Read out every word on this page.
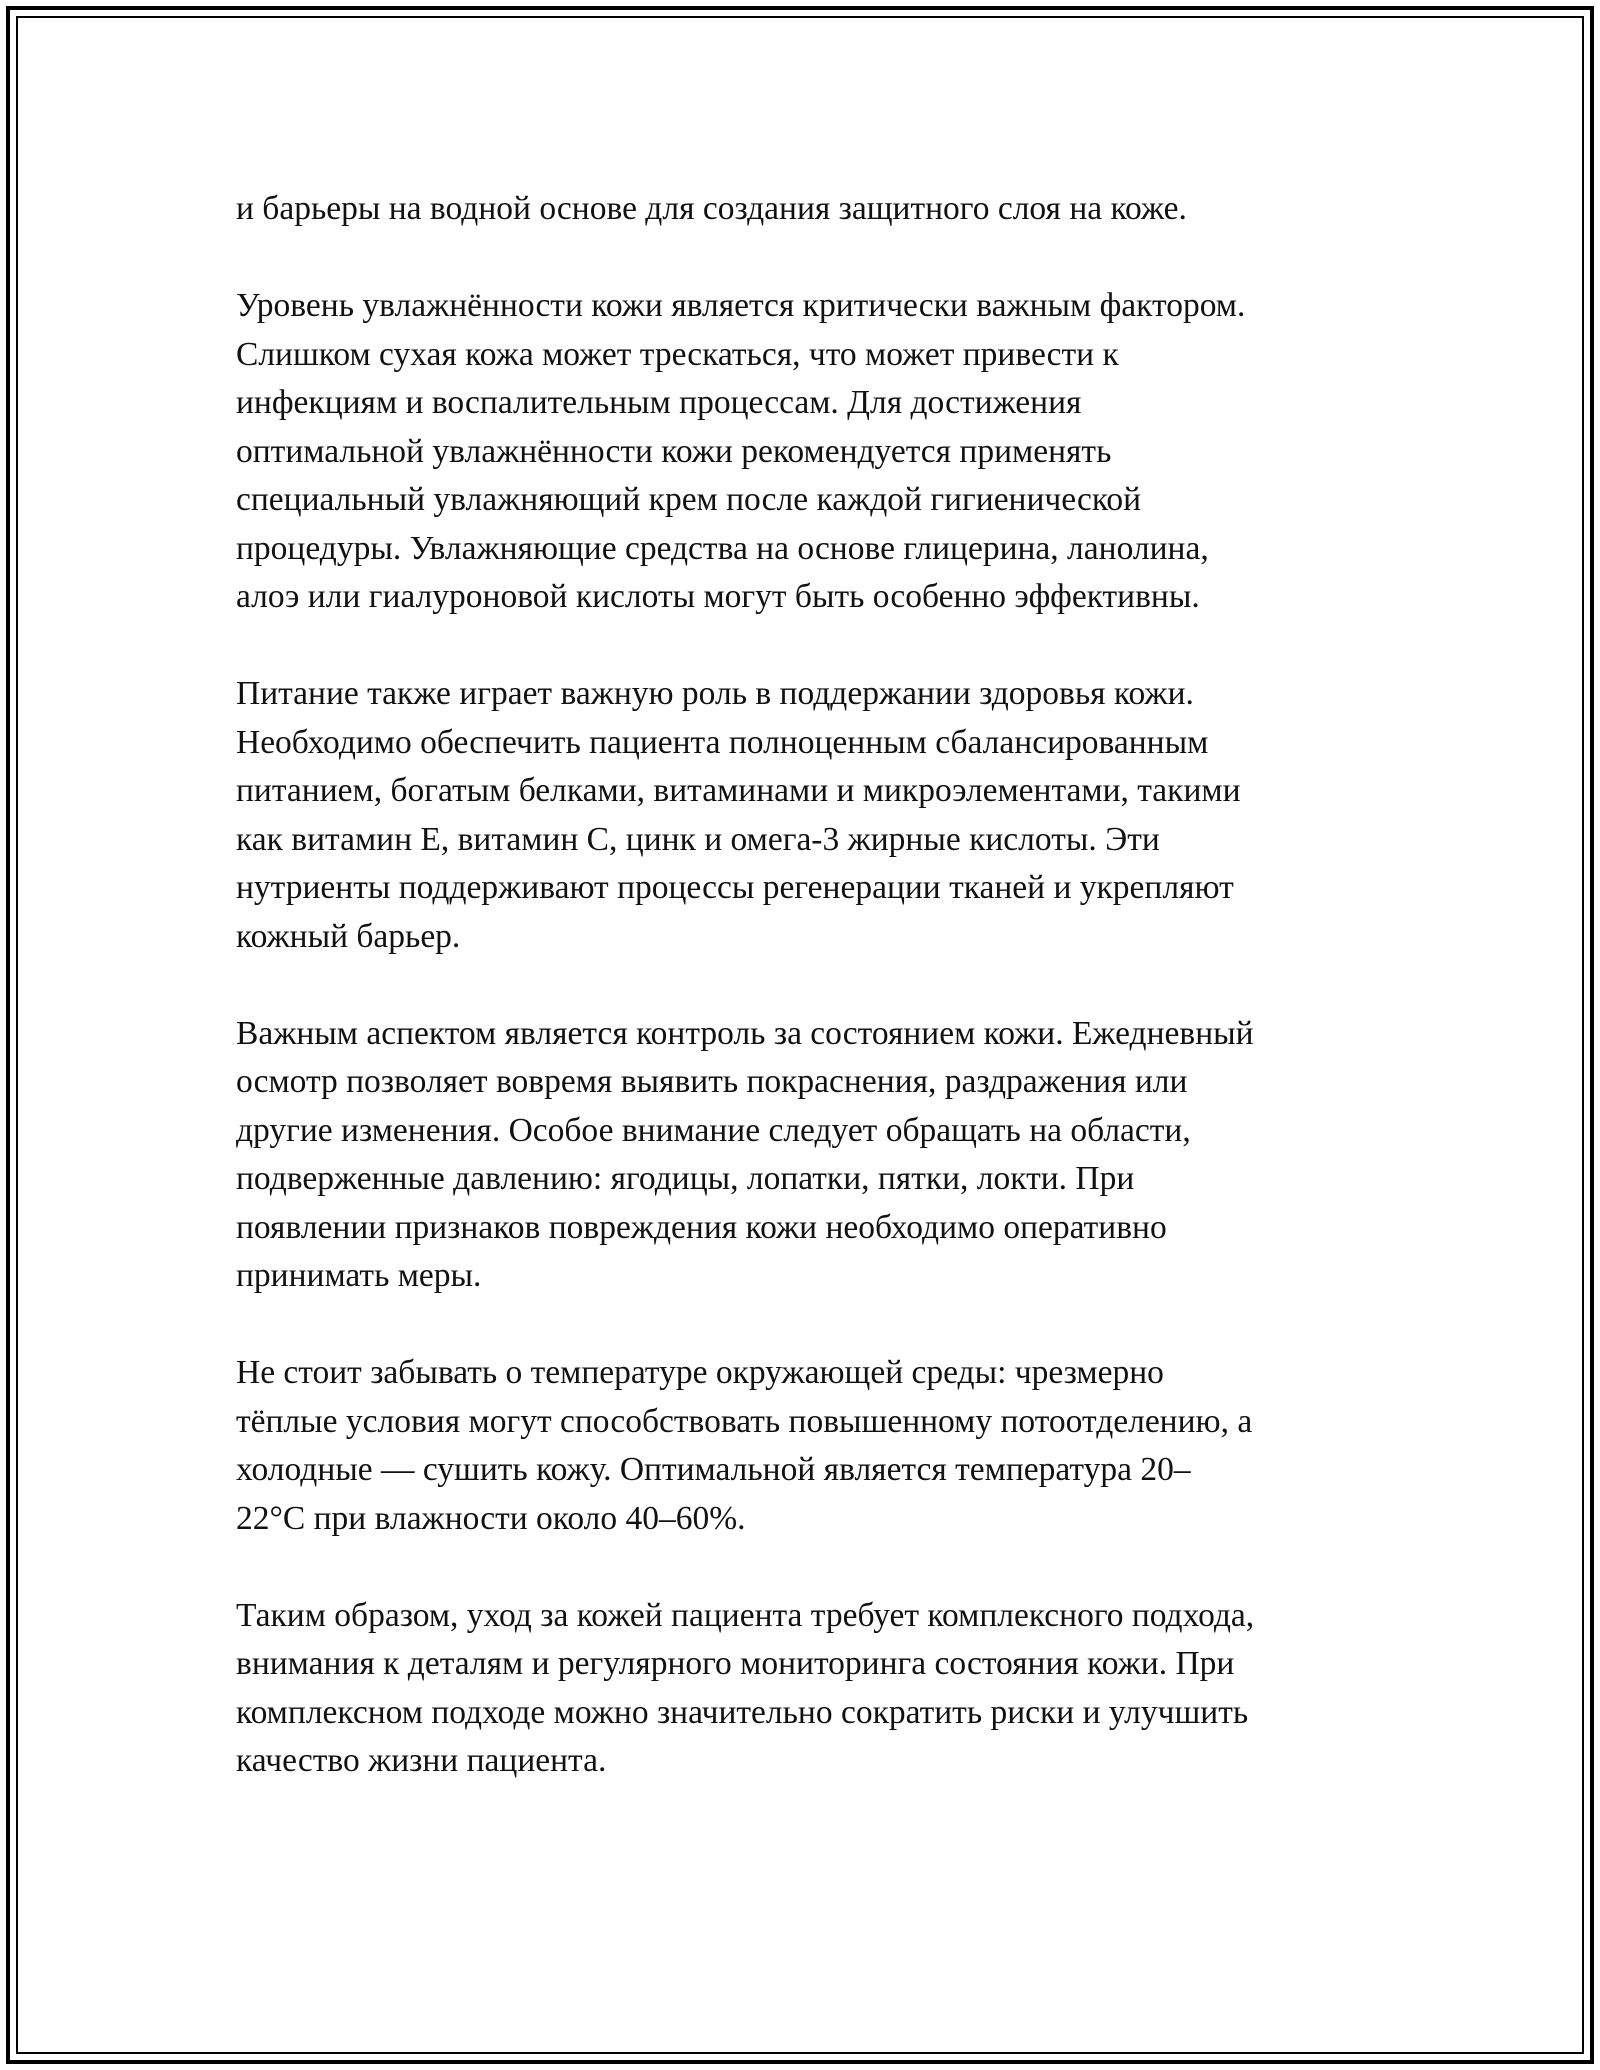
и барьеры на водной основе для создания защитного слоя на коже.
Уровень увлажнённости кожи является критически важным фактором.
Слишком сухая кожа может трескаться, что может привести к
инфекциям и воспалительным процессам. Для достижения
оптимальной увлажнённости кожи рекомендуется применять
специальный увлажняющий крем после каждой гигиенической
процедуры. Увлажняющие средства на основе глицерина, ланолина,
алоэ или гиалуроновой кислоты могут быть особенно эффективны.
Питание также играет важную роль в поддержании здоровья кожи.
Необходимо обеспечить пациента полноценным сбалансированным
питанием, богатым белками, витаминами и микроэлементами, такими
как витамин Е, витамин С, цинк и омега-3 жирные кислоты. Эти
нутриенты поддерживают процессы регенерации тканей и укрепляют
кожный барьер.
Важным аспектом является контроль за состоянием кожи. Ежедневный
осмотр позволяет вовремя выявить покраснения, раздражения или
другие изменения. Особое внимание следует обращать на области,
подверженные давлению: ягодицы, лопатки, пятки, локти. При
появлении признаков повреждения кожи необходимо оперативно
принимать меры.
Не стоит забывать о температуре окружающей среды: чрезмерно
тёплые условия могут способствовать повышенному потоотделению, а
холодные — сушить кожу. Оптимальной является температура 20–
22°C при влажности около 40–60%.
Таким образом, уход за кожей пациента требует комплексного подхода,
внимания к деталям и регулярного мониторинга состояния кожи. При
комплексном подходе можно значительно сократить риски и улучшить
качество жизни пациента.
